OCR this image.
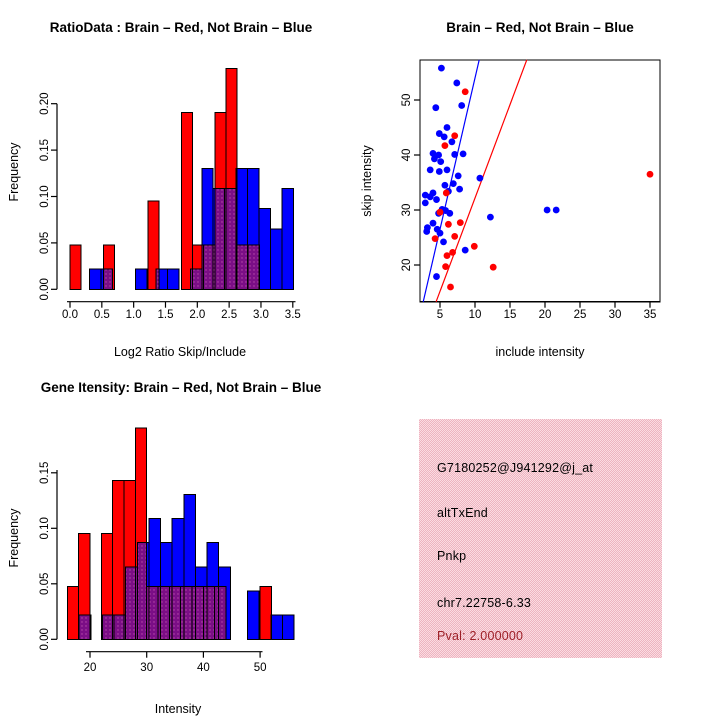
RatioData : Brain – Red, Not Brain – Blue
Log2 Ratio Skip/Include
Frequency
0.0 0.5 1.0 1.5 2.0 2.5 3.0 3.5
0.00
0.05
0.10
0.15
0.20
Brain – Red, Not Brain – Blue
include intensity
skip intensity
5 10 15 20 25 30 35
20
30
40
50
Gene Itensity: Brain – Red, Not Brain – Blue
Intensity
Frequency
20	30	40	50
0.00
0.05
0.10
0.15	G7180252@J941292@j_at
altTxEnd
Pnkp
chr7.22758-6.33
Pval: 2.000000
